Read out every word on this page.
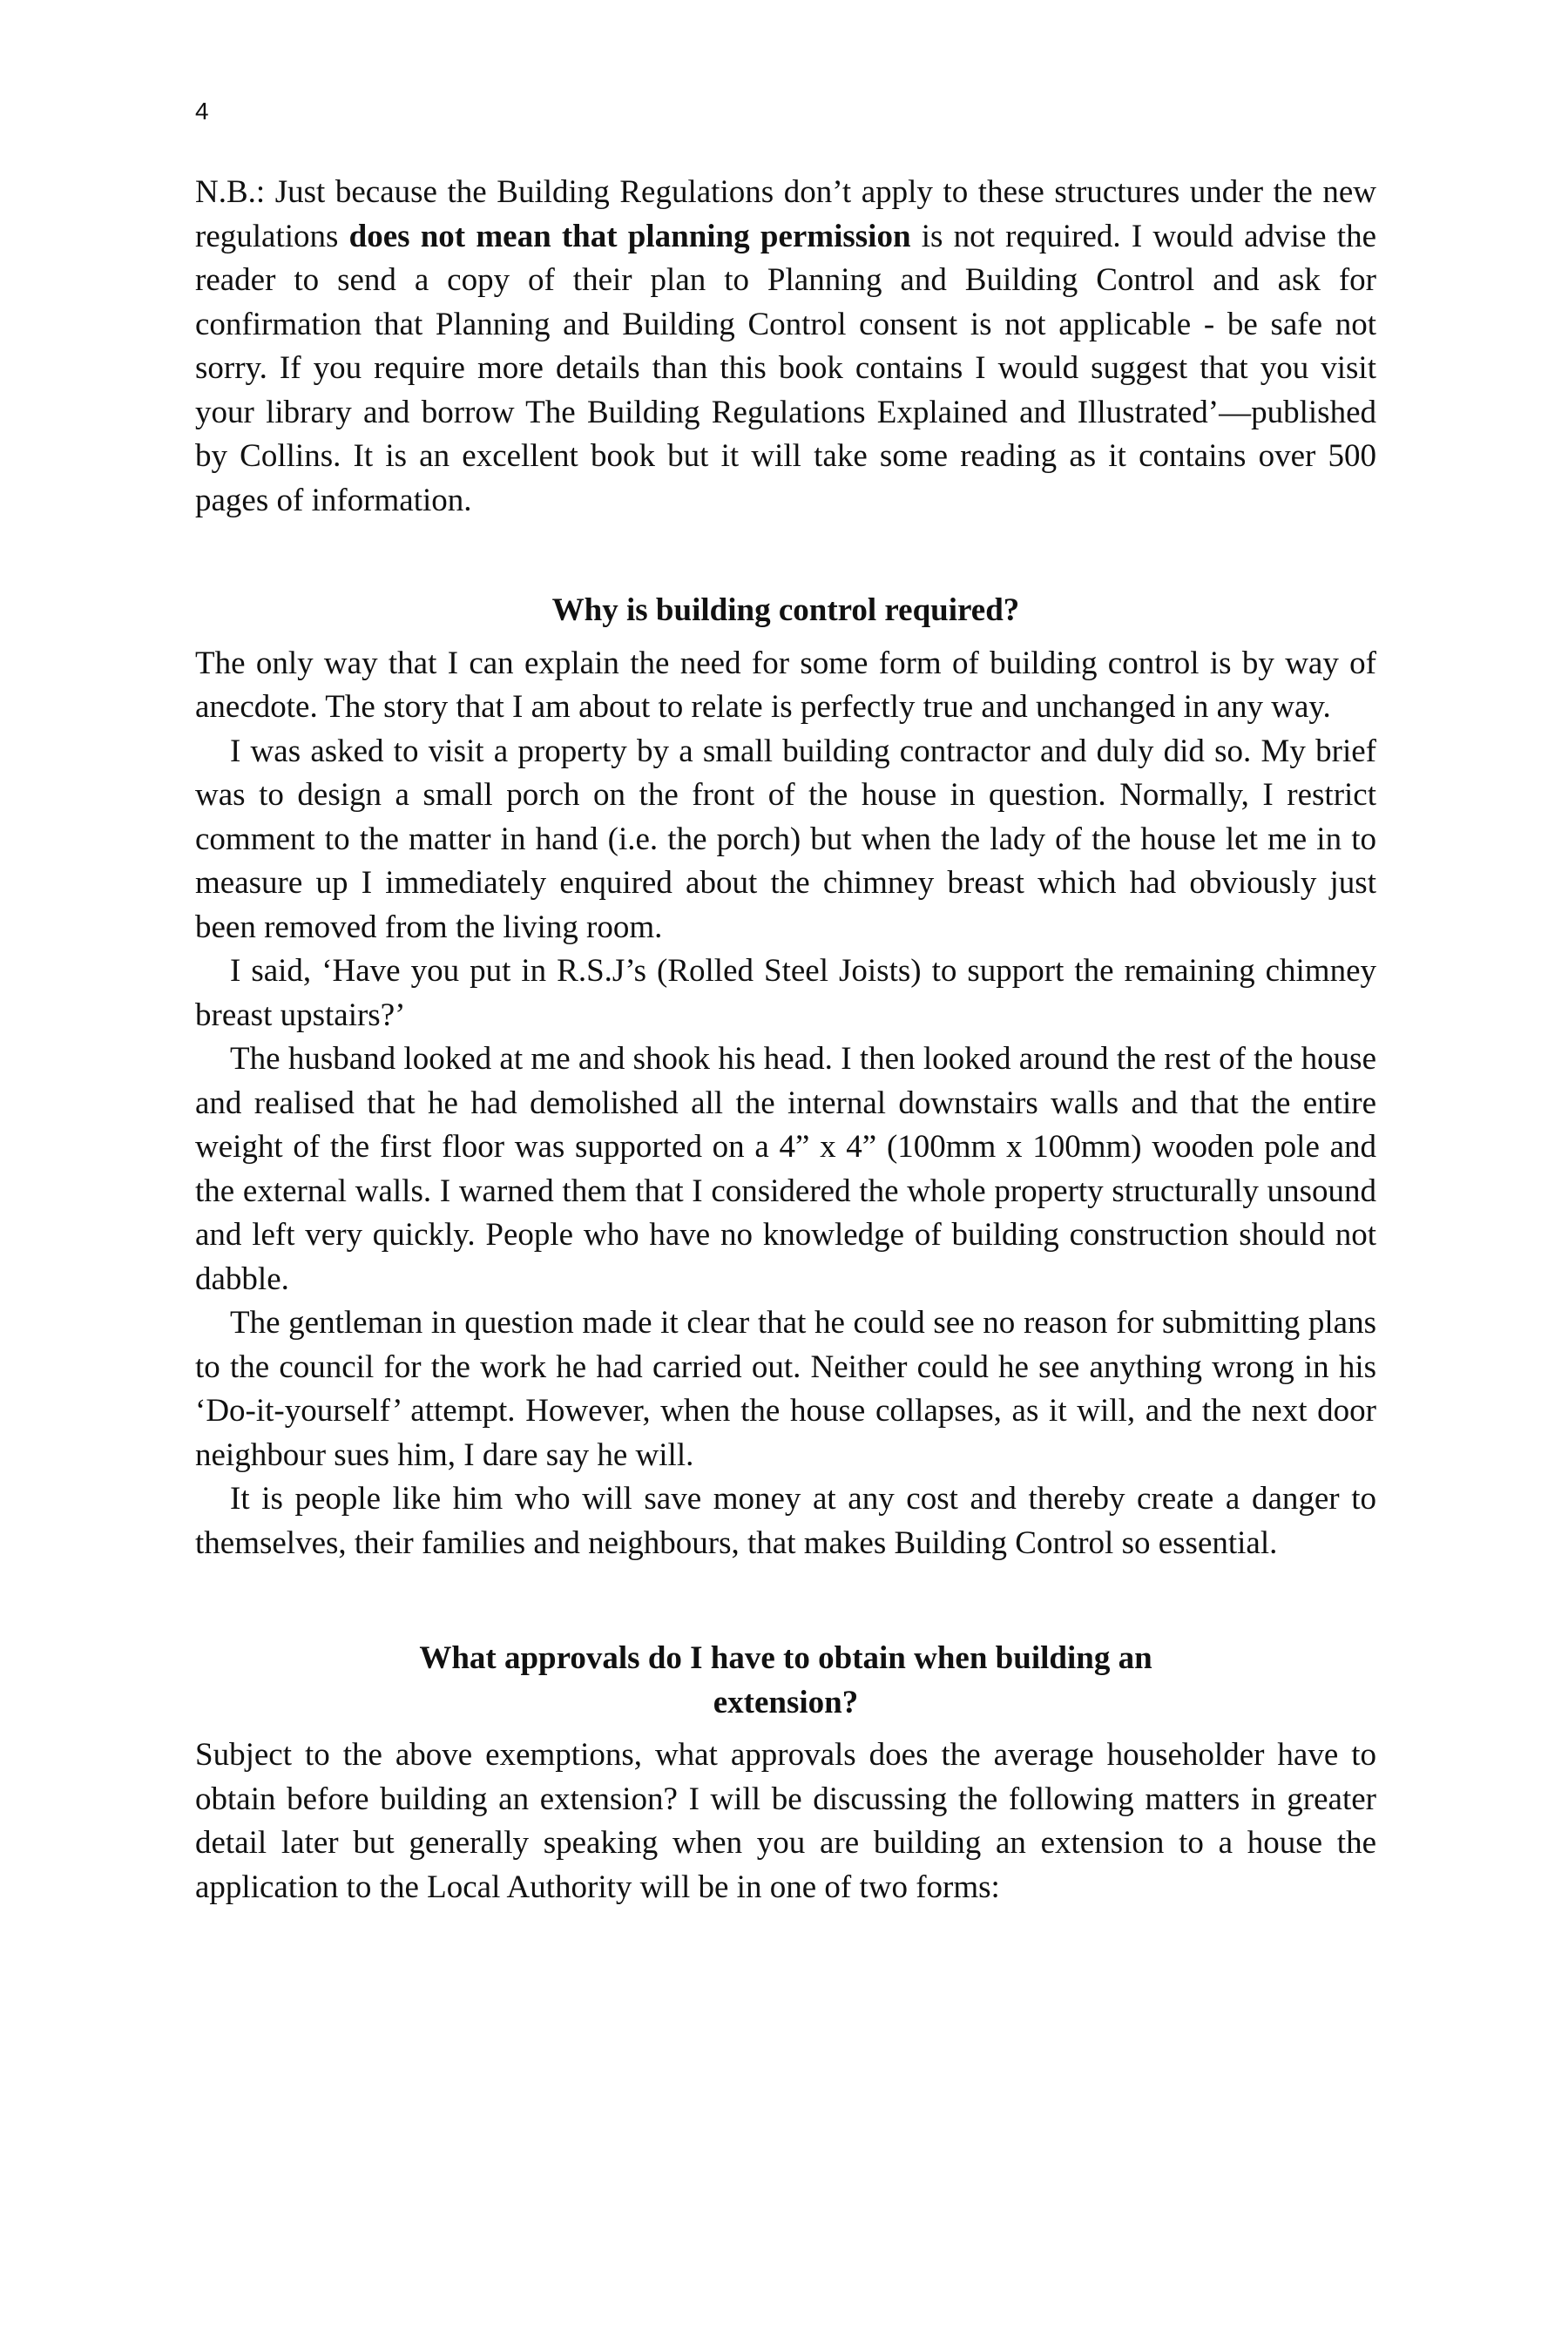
4

N.B.: Just because the Building Regulations don’t apply to these structures under the new regulations does not mean that planning permission is not required. I would advise the reader to send a copy of their plan to Planning and Building Control and ask for confirmation that Planning and Building Control consent is not applicable - be safe not sorry. If you require more details than this book contains I would suggest that you visit your library and borrow The Building Regulations Explained and Illustrated’—published by Collins. It is an excellent book but it will take some reading as it contains over 500 pages of information.

Why is building control required?

The only way that I can explain the need for some form of building control is by way of anecdote. The story that I am about to relate is perfectly true and unchanged in any way.

I was asked to visit a property by a small building contractor and duly did so. My brief was to design a small porch on the front of the house in question. Normally, I restrict comment to the matter in hand (i.e. the porch) but when the lady of the house let me in to measure up I immediately enquired about the chimney breast which had obviously just been removed from the living room.

I said, ‘Have you put in R.S.J’s (Rolled Steel Joists) to support the remaining chimney breast upstairs?’

The husband looked at me and shook his head. I then looked around the rest of the house and realised that he had demolished all the internal downstairs walls and that the entire weight of the first floor was supported on a 4” x 4” (100mm x 100mm) wooden pole and the external walls. I warned them that I considered the whole property structurally unsound and left very quickly. People who have no knowledge of building construction should not dabble.

The gentleman in question made it clear that he could see no reason for submitting plans to the council for the work he had carried out. Neither could he see anything wrong in his ‘Do-it-yourself’ attempt. However, when the house collapses, as it will, and the next door neighbour sues him, I dare say he will.

It is people like him who will save money at any cost and thereby create a danger to themselves, their families and neighbours, that makes Building Control so essential.

What approvals do I have to obtain when building an extension?

Subject to the above exemptions, what approvals does the average householder have to obtain before building an extension? I will be discussing the following matters in greater detail later but generally speaking when you are building an extension to a house the application to the Local Authority will be in one of two forms:
